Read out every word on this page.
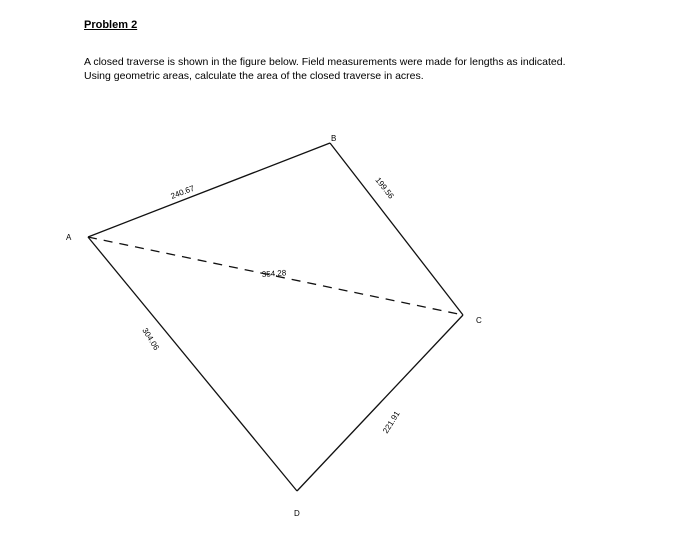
Problem 2
A closed traverse is shown in the figure below. Field measurements were made for lengths as indicated.
Using geometric areas, calculate the area of the closed traverse in acres.
A
B
C
D
240.67	199.56
354.28
304.06
221.91
